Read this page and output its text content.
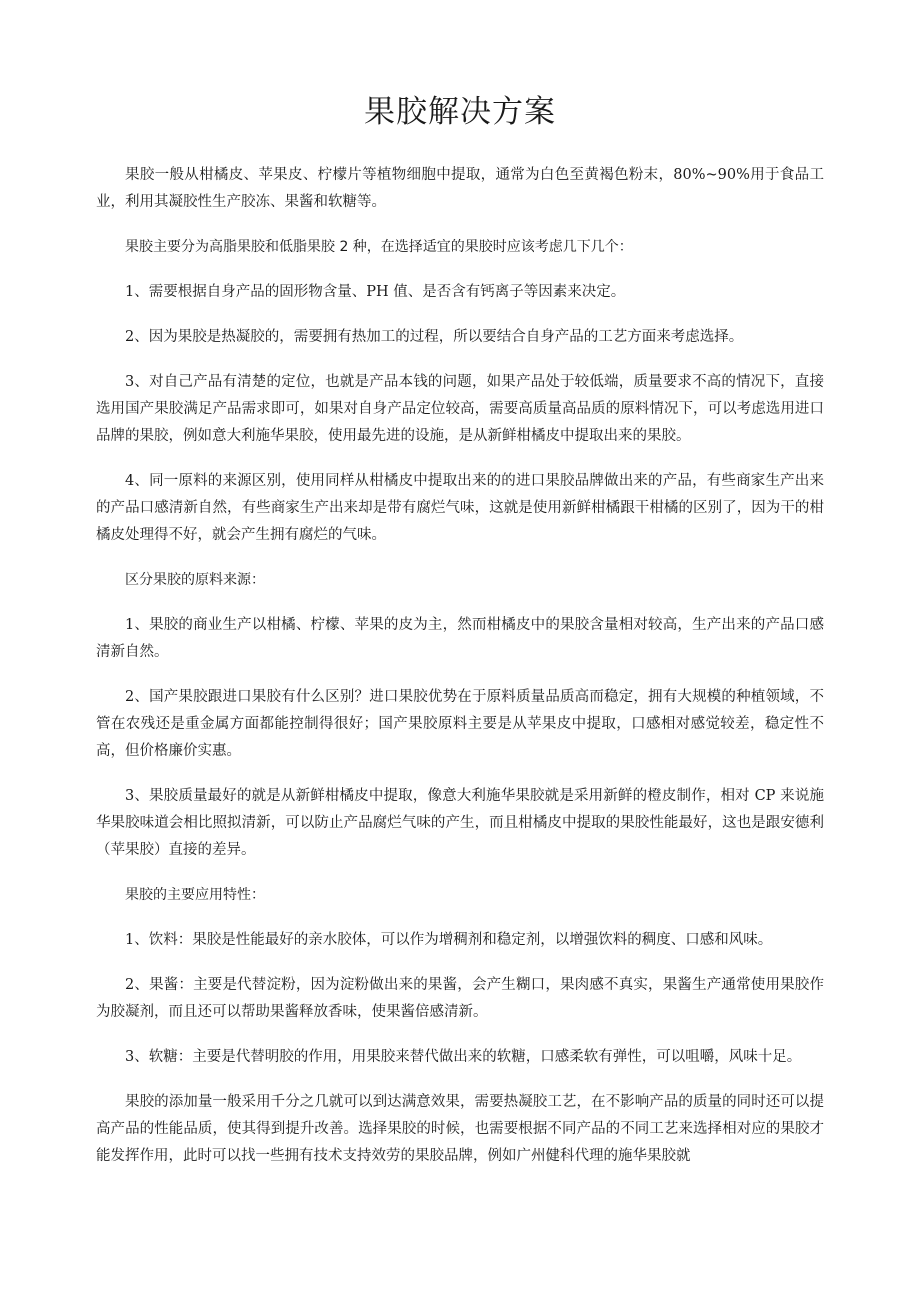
果胶解决方案

果胶一般从柑橘皮、苹果皮、柠檬片等植物细胞中提取，通常为白色至黄褐色粉末，80%~90%用于食品工业，利用其凝胶性生产胶冻、果酱和软糖等。

果胶主要分为高脂果胶和低脂果胶 2 种，在选择适宜的果胶时应该考虑几下几个：

1、需要根据自身产品的固形物含量、PH 值、是否含有钙离子等因素来决定。

2、因为果胶是热凝胶的，需要拥有热加工的过程，所以要结合自身产品的工艺方面来考虑选择。

3、对自己产品有清楚的定位，也就是产品本钱的问题，如果产品处于较低端，质量要求不高的情况下，直接选用国产果胶满足产品需求即可，如果对自身产品定位较高，需要高质量高品质的原料情况下，可以考虑选用进口品牌的果胶，例如意大利施华果胶，使用最先进的设施，是从新鲜柑橘皮中提取出来的果胶。

4、同一原料的来源区别，使用同样从柑橘皮中提取出来的的进口果胶品牌做出来的产品，有些商家生产出来的产品口感清新自然，有些商家生产出来却是带有腐烂气味，这就是使用新鲜柑橘跟干柑橘的区别了，因为干的柑橘皮处理得不好，就会产生拥有腐烂的气味。

区分果胶的原料来源：

1、果胶的商业生产以柑橘、柠檬、苹果的皮为主，然而柑橘皮中的果胶含量相对较高，生产出来的产品口感清新自然。

2、国产果胶跟进口果胶有什么区别？进口果胶优势在于原料质量品质高而稳定，拥有大规模的种植领域，不管在农残还是重金属方面都能控制得很好；国产果胶原料主要是从苹果皮中提取，口感相对感觉较差，稳定性不高，但价格廉价实惠。

3、果胶质量最好的就是从新鲜柑橘皮中提取，像意大利施华果胶就是采用新鲜的橙皮制作，相对 CP 来说施华果胶味道会相比照拟清新，可以防止产品腐烂气味的产生，而且柑橘皮中提取的果胶性能最好，这也是跟安德利（苹果胶）直接的差异。

果胶的主要应用特性：

1、饮料：果胶是性能最好的亲水胶体，可以作为增稠剂和稳定剂，以增强饮料的稠度、口感和风味。

2、果酱：主要是代替淀粉，因为淀粉做出来的果酱，会产生糊口，果肉感不真实，果酱生产通常使用果胶作为胶凝剂，而且还可以帮助果酱释放香味，使果酱倍感清新。

3、软糖：主要是代替明胶的作用，用果胶来替代做出来的软糖，口感柔软有弹性，可以咀嚼，风味十足。

果胶的添加量一般采用千分之几就可以到达满意效果，需要热凝胶工艺，在不影响产品的质量的同时还可以提高产品的性能品质，使其得到提升改善。选择果胶的时候，也需要根据不同产品的不同工艺来选择相对应的果胶才能发挥作用，此时可以找一些拥有技术支持效劳的果胶品牌，例如广州健科代理的施华果胶就
